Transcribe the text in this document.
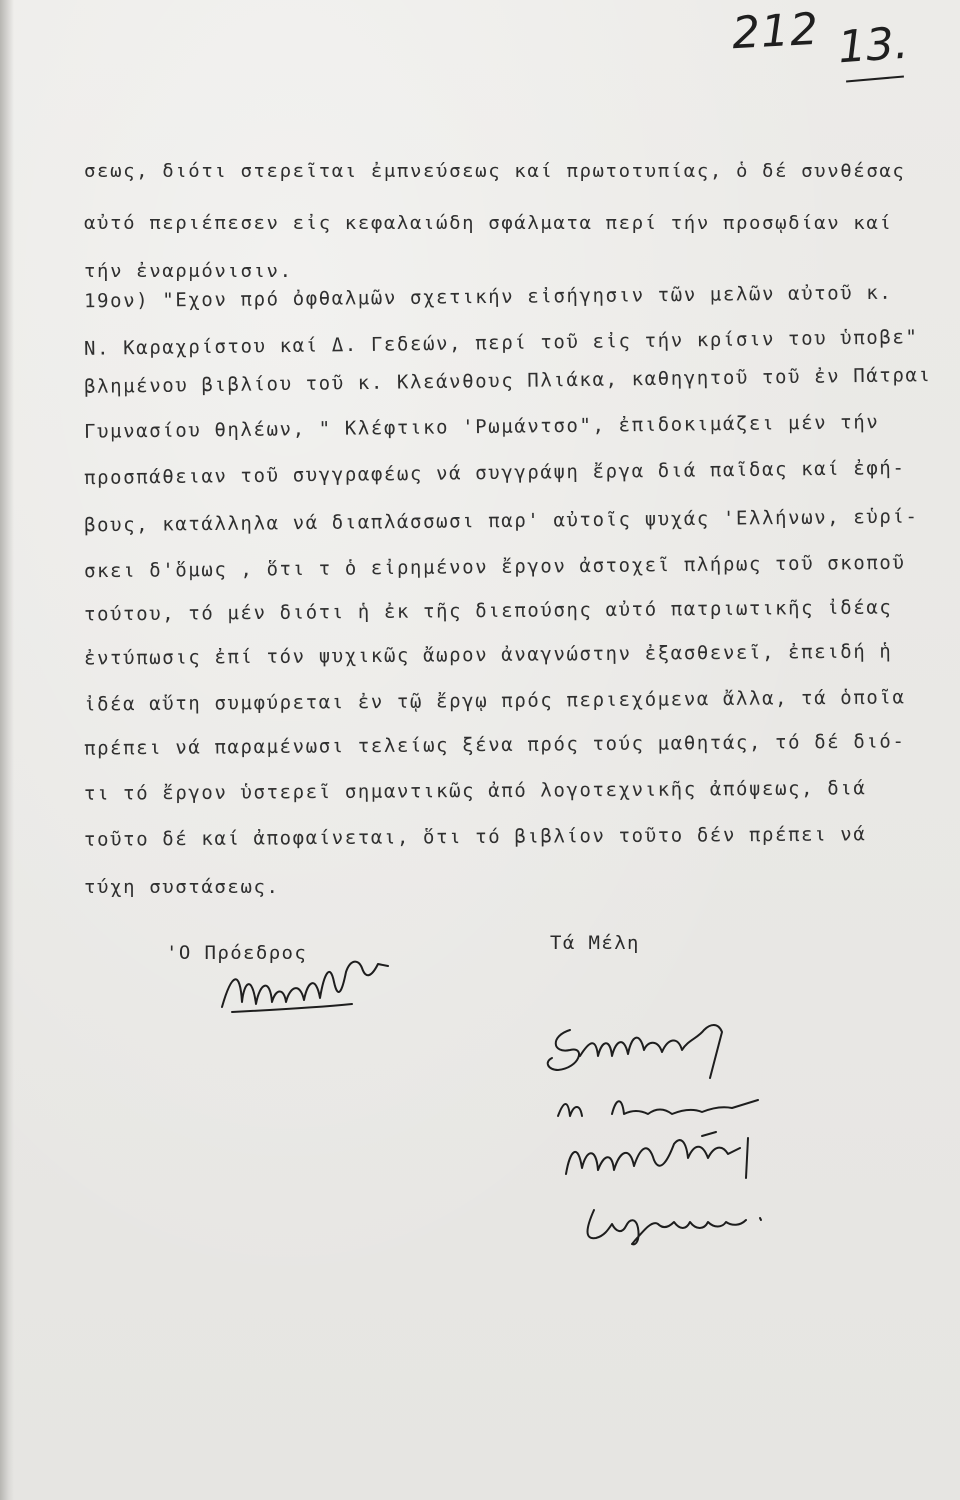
212 13.
σεως, διότι στερεῖται ἐμπνεύσεως καί πρωτοτυπίας, ὁ δέ συνθέσας
αὐτό περιέπεσεν εἰς κεφαλαιώδη σφάλματα περί τήν προσῳδίαν καί
τήν ἐναρμόνισιν.
19ον) "Εχον πρό ὀφθαλμῶν σχετικήν εἰσήγησιν τῶν μελῶν αὐτοῦ κ.
Ν. Καραχρίστου καί Δ. Γεδεών, περί τοῦ εἰς τήν κρίσιν του ὑποβε"
βλημένου βιβλίου τοῦ κ. Κλεάνθους Πλιάκα, καθηγητοῦ τοῦ ἐν Πάτραι
Γυμνασίου θηλέων, " Κλέφτικο 'Ρωμάντσο", ἐπιδοκιμάζει μέν τήν
προσπάθειαν τοῦ συγγραφέως νά συγγράψη ἔργα διά παῖδας καί ἐφή-
βους, κατάλληλα νά διαπλάσσωσι παρ' αὐτοῖς ψυχάς 'Ελλήνων, εὑρί-
σκει δ'ὅμως , ὅτι τ ὁ εἰρημένον ἔργον ἀστοχεῖ πλήρως τοῦ σκοποῦ
τούτου, τό μέν διότι ἡ ἐκ τῆς διεπούσης αὐτό πατριωτικῆς ἰδέας
ἐντύπωσις ἐπί τόν ψυχικῶς ἄωρον ἀναγνώστην ἐξασθενεῖ, ἐπειδή ἡ
ἰδέα αὕτη συμφύρεται ἐν τῷ ἔργῳ πρός περιεχόμενα ἄλλα, τά ὁποῖα
πρέπει νά παραμένωσι τελείως ξένα πρός τούς μαθητάς, τό δέ διό-
τι τό ἔργον ὑστερεῖ σημαντικῶς ἀπό λογοτεχνικῆς ἀπόψεως, διά
τοῦτο δέ καί ἀποφαίνεται, ὅτι τό βιβλίον τοῦτο δέν πρέπει νά
τύχη συστάσεως.
'Ο Πρόεδρος	Τά Μέλη
